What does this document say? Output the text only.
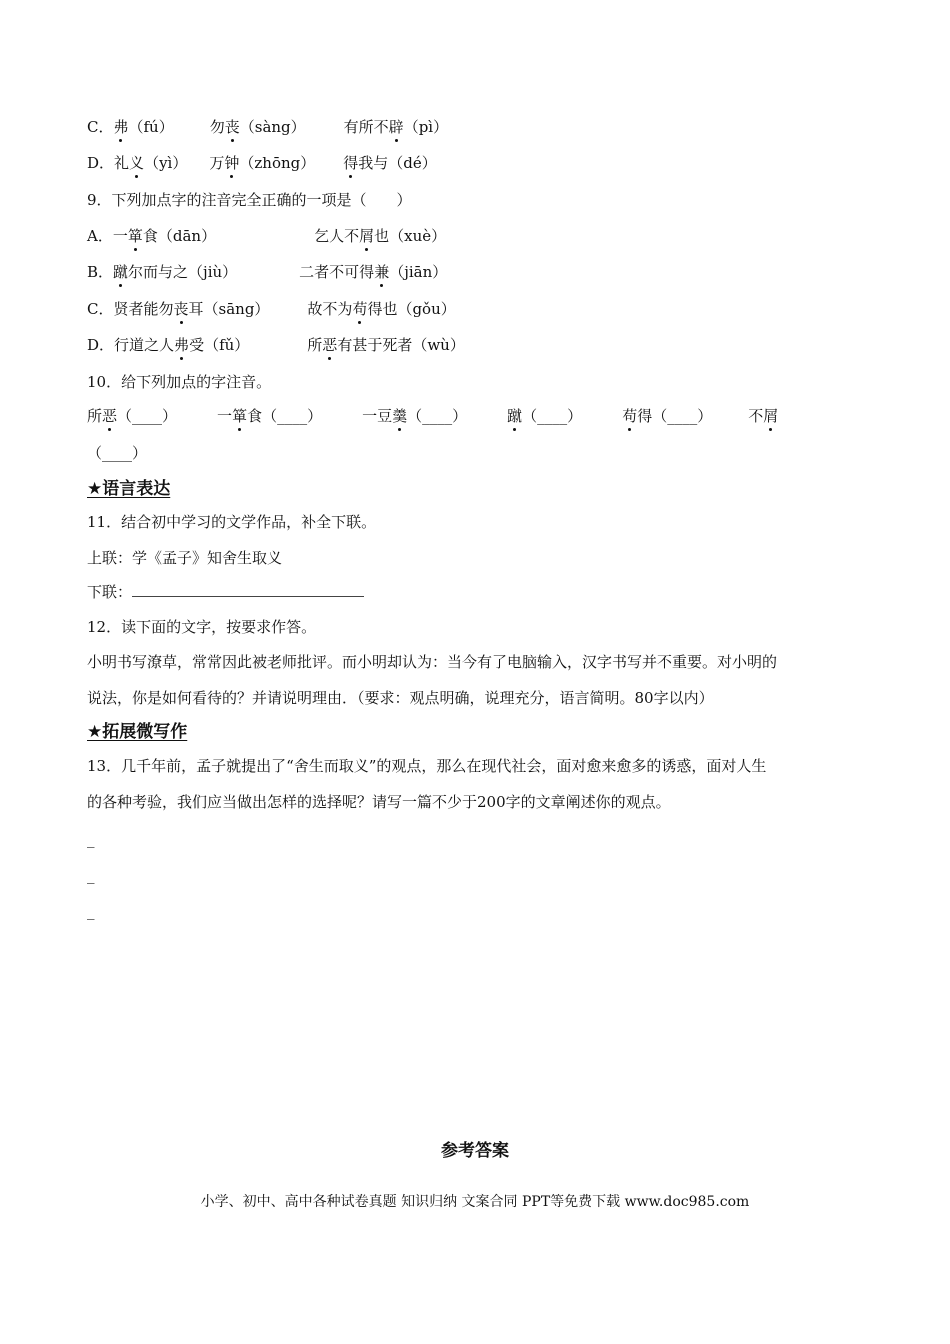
C．弗（fú） 勿丧（sàng）	有所不辟（pì）
D．礼义（yì） 万钟（zhōng） 得我与（dé）
9．下列加点字的注音完全正确的一项是（　　）
A．一箪食（dān）	乞人不屑也（xuè）
B．蹴尔而与之（jiù）	二者不可得兼（jiān）
C．贤者能勿丧耳（sāng）	故不为苟得也（gǒu）
D．行道之人弗受（fǔ）	所恶有甚于死者（wù）
10．给下列加点的字注音。
所恶（____）	一箪食（____）	一豆羹（____）	蹴（____）	苟得（____） 不屑
（____）
★语言表达
11．结合初中学习的文学作品，补全下联。
上联：学《孟子》知舍生取义
下联：
12．读下面的文字，按要求作答。
小明书写潦草，常常因此被老师批评。而小明却认为：当今有了电脑输入，汉字书写并不重要。对小明的
说法，你是如何看待的？并请说明理由．（要求：观点明确，说理充分，语言简明。80字以内）
★拓展微写作
13．几千年前，孟子就提出了“舍生而取义”的观点，那么在现代社会，面对愈来愈多的诱惑，面对人生
的各种考验，我们应当做出怎样的选择呢？请写一篇不少于200字的文章阐述你的观点。
_
_
_
参考答案
小学、初中、高中各种试卷真题 知识归纳 文案合同 PPT等免费下载 www.doc985.com
